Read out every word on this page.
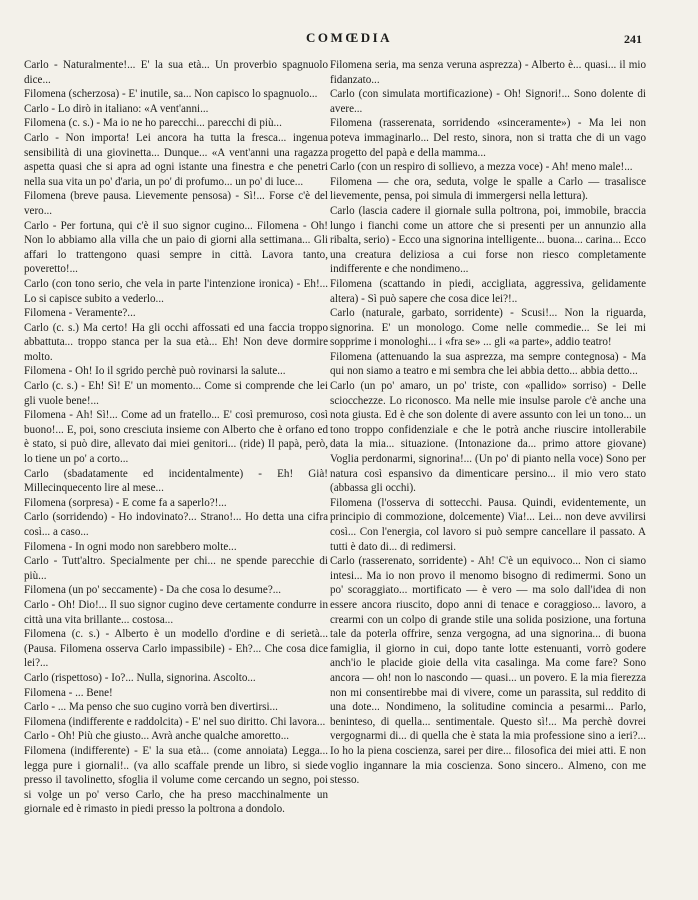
COMŒDIA	241

Carlo - Naturalmente!... E' la sua età... Un proverbio spagnuolo dice...

Filomena (scherzosa) - E' inutile, sa... Non capisco lo spagnuolo...

Carlo - Lo dirò in italiano: «A vent'anni...

Filomena (c. s.) - Ma io ne ho parecchi... parecchi di più...

Carlo - Non importa! Lei ancora ha tutta la fresca... ingenua sensibilità di una giovinetta... Dunque... «A vent'anni una ragazza aspetta quasi che si apra ad ogni istante una finestra e che penetri nella sua vita un po' d'aria, un po' di profumo... un po' di luce...

Filomena (breve pausa. Lievemente pensosa) - Sì!... Forse c'è del vero...

Carlo - Per fortuna, qui c'è il suo signor cugino... Filomena - Oh! Non lo abbiamo alla villa che un paio di giorni alla settimana... Gli affari lo trattengono quasi sempre in città. Lavora tanto, poveretto!...

Carlo (con tono serio, che vela in parte l'intenzione ironica) - Eh!... Lo si capisce subito a vederlo...

Filomena - Veramente?...

Carlo (c. s.) Ma certo! Ha gli occhi affossati ed una faccia troppo abbattuta... troppo stanca per la sua età... Eh! Non deve dormire molto.

Filomena - Oh! Io il sgrido perchè può rovinarsi la salute...

Carlo (c. s.) - Eh! Sì! E' un momento... Come si comprende che lei gli vuole bene!...

Filomena - Ah! Sì!... Come ad un fratello... E' così premuroso, così buono!... E, poi, sono cresciuta insieme con Alberto che è orfano ed è stato, si può dire, allevato dai miei genitori... (ride) Il papà, però, lo tiene un po' a corto...

Carlo (sbadatamente ed incidentalmente) - Eh! Già! Millecinquecento lire al mese...

Filomena (sorpresa) - E come fa a saperlo?!...

Carlo (sorridendo) - Ho indovinato?... Strano!... Ho detta una cifra così... a caso...

Filomena - In ogni modo non sarebbero molte...

Carlo - Tutt'altro. Specialmente per chi... ne spende parecchie di più...

Filomena (un po' seccamente) - Da che cosa lo desume?...

Carlo - Oh! Dio!... Il suo signor cugino deve certamente condurre in città una vita brillante... costosa...

Filomena (c. s.) - Alberto è un modello d'ordine e di serietà... (Pausa. Filomena osserva Carlo impassibile) - Eh?... Che cosa dice lei?...

Carlo (rispettoso) - Io?... Nulla, signorina. Ascolto...

Filomena - ... Bene!

Carlo - ... Ma penso che suo cugino vorrà ben divertirsi...

Filomena (indifferente e raddolcita) - E' nel suo diritto. Chi lavora...

Carlo - Oh! Più che giusto... Avrà anche qualche amoretto...

Filomena (indifferente) - E' la sua età... (come annoiata) Legga... legga pure i giornali!.. (va allo scaffale prende un libro, si siede presso il tavolinetto, sfoglia il volume come cercando un segno, poi si volge un po' verso Carlo, che ha preso macchinalmente un giornale ed è rimasto in piedi presso la poltrona a dondolo.

Filomena seria, ma senza veruna asprezza) - Alberto è... quasi... il mio fidanzato...

Carlo (con simulata mortificazione) - Oh! Signori!... Sono dolente di avere...

Filomena (rasserenata, sorridendo «sinceramente») - Ma lei non poteva immaginarlo... Del resto, sinora, non si tratta che di un vago progetto del papà e della mamma...

Carlo (con un respiro di sollievo, a mezza voce) - Ah! meno male!...

Filomena — che ora, seduta, volge le spalle a Carlo — trasalisce lievemente, pensa, poi simula di immergersi nella lettura).

Carlo (lascia cadere il giornale sulla poltrona, poi, immobile, braccia lungo i fianchi come un attore che si presenti per un annunzio alla ribalta, serio) - Ecco una signorina intelligente... buona... carina... Ecco una creatura deliziosa a cui forse non riesco completamente indifferente e che nondimeno...

Filomena (scattando in piedi, accigliata, aggressiva, gelidamente altera) - Sì può sapere che cosa dice lei?!..

Carlo (naturale, garbato, sorridente) - Scusi!... Non la riguarda, signorina. E' un monologo. Come nelle commedie... Se lei mi sopprime i monologhi... i «fra se» ... gli «a parte», addio teatro!

Filomena (attenuando la sua asprezza, ma sempre contegnosa) - Ma qui non siamo a teatro e mi sembra che lei abbia detto... abbia detto...

Carlo (un po' amaro, un po' triste, con «pallido» sorriso) - Delle sciocchezze. Lo riconosco. Ma nelle mie insulse parole c'è anche una nota giusta. Ed è che son dolente di avere assunto con lei un tono... un tono troppo confidenziale e che le potrà anche riuscire intollerabile data la mia... situazione. (Intonazione da... primo attore giovane) Voglia perdonarmi, signorina!... (Un po' di pianto nella voce) Sono per natura così espansivo da dimenticare persino... il mio vero stato (abbassa gli occhi).

Filomena (l'osserva di sottecchi. Pausa. Quindi, evidentemente, un principio di commozione, dolcemente) Via!... Lei... non deve avvilirsi così... Con l'energia, col lavoro si può sempre cancellare il passato. A tutti è dato di... di redimersi.

Carlo (rasserenato, sorridente) - Ah! C'è un equivoco... Non ci siamo intesi... Ma io non provo il menomo bisogno di redimermi. Sono un po' scoraggiato... mortificato — è vero — ma solo dall'idea di non essere ancora riuscito, dopo anni di tenace e coraggioso... lavoro, a crearmi con un colpo di grande stile una solida posizione, una fortuna tale da poterla offrire, senza vergogna, ad una signorina... di buona famiglia, il giorno in cui, dopo tante lotte estenuanti, vorrò godere anch'io le placide gioie della vita casalinga. Ma come fare? Sono ancora — oh! non lo nascondo — quasi... un povero. E la mia fierezza non mi consentirebbe mai di vivere, come un parassita, sul reddito di una dote... Nondimeno, la solitudine comincia a pesarmi... Parlo, beninteso, di quella... sentimentale. Questo sì!... Ma perchè dovrei vergognarmi di... di quella che è stata la mia professione sino a ieri?... Io ho la piena coscienza, sarei per dire... filosofica dei miei atti. E non voglio ingannare la mia coscienza. Sono sincero.. Almeno, con me stesso.
